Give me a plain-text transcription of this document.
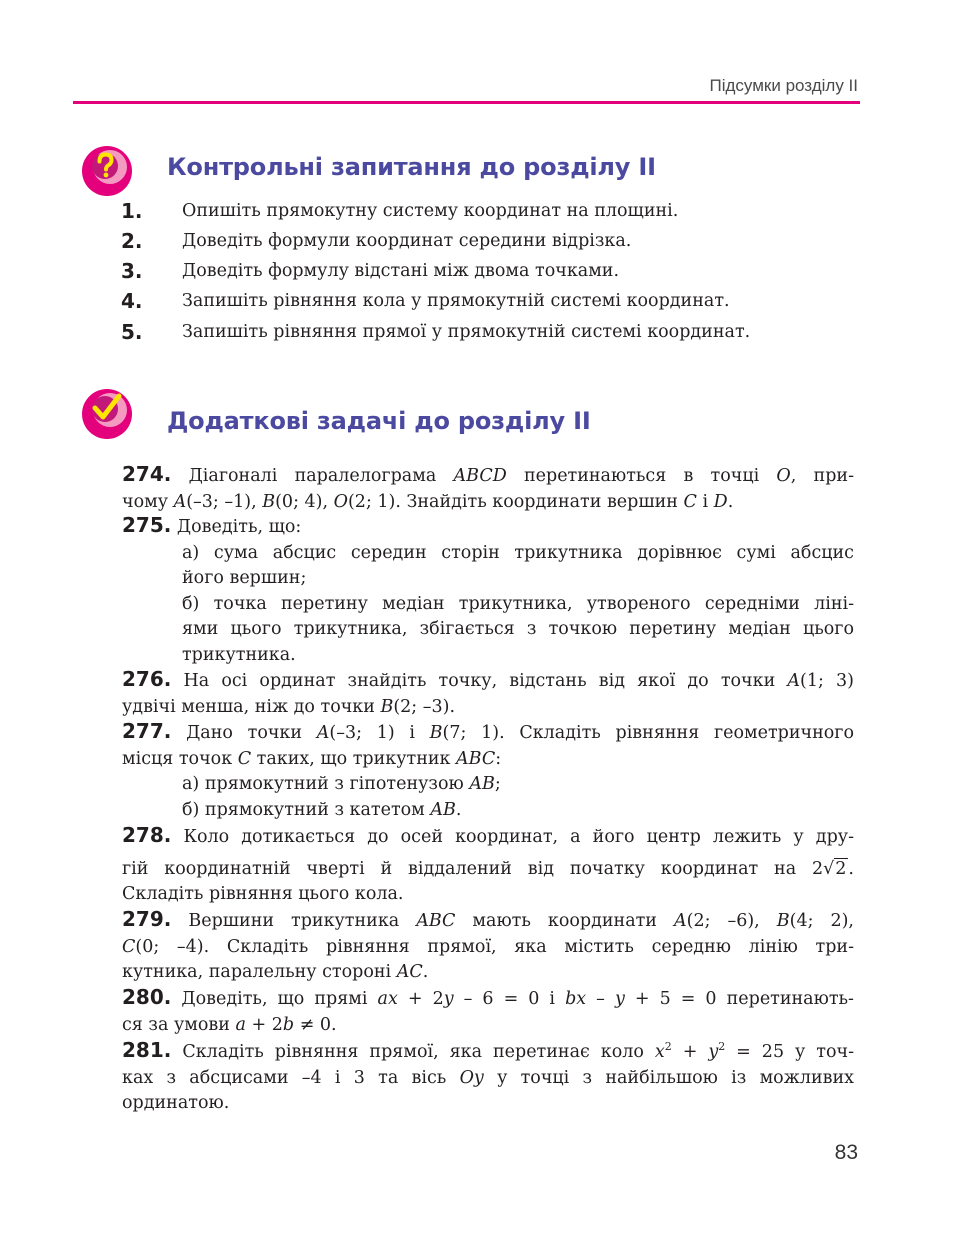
Підсумки розділу ІІ
Контрольні запитання до розділу ІІ
1. Опишіть прямокутну систему координат на площині.
2. Доведіть формули координат середини відрізка.
3. Доведіть формулу відстані між двома точками.
4. Запишіть рівняння кола у прямокутній системі координат.
5. Запишіть рівняння прямої у прямокутній системі координат.
Додаткові задачі до розділу ІІ
274. Діагоналі паралелограма ABCD перетинаються в точці O, при-
чому A(–3; –1), B(0; 4), O(2; 1). Знайдіть координати вершин C і D.
275. Доведіть, що:
а) сума абсцис середин сторін трикутника дорівнює сумі абсцис
його вершин;
б) точка перетину медіан трикутника, утвореного середніми ліні-
ями цього трикутника, збігається з точкою перетину медіан цього
трикутника.
276. На осі ординат знайдіть точку, відстань від якої до точки A(1; 3)
удвічі менша, ніж до точки B(2; –3).
277. Дано точки A(–3; 1) і B(7; 1). Складіть рівняння геометричного
місця точок C таких, що трикутник ABC:
а) прямокутний з гіпотенузою AB;
б) прямокутний з катетом AB.
278. Коло дотикається до осей координат, а його центр лежить у дру-
гій координатній чверті й віддалений від початку координат на 2√2 .
Складіть рівняння цього кола.
279. Вершини трикутника ABC мають координати A(2; –6), B(4; 2),
C(0; –4). Складіть рівняння прямої, яка містить середню лінію три-
кутника, паралельну стороні AC.
280. Доведіть, що прямі ax + 2y – 6 = 0 і bx – y + 5 = 0 перетинають-
ся за умови a + 2b ≠ 0.
281. Складіть рівняння прямої, яка перетинає коло $x^2 + y^2 = 25$ у точ-
ках з абсцисами –4 і 3 та вісь Oy у точці з найбільшою із можливих
ординатою.
83
